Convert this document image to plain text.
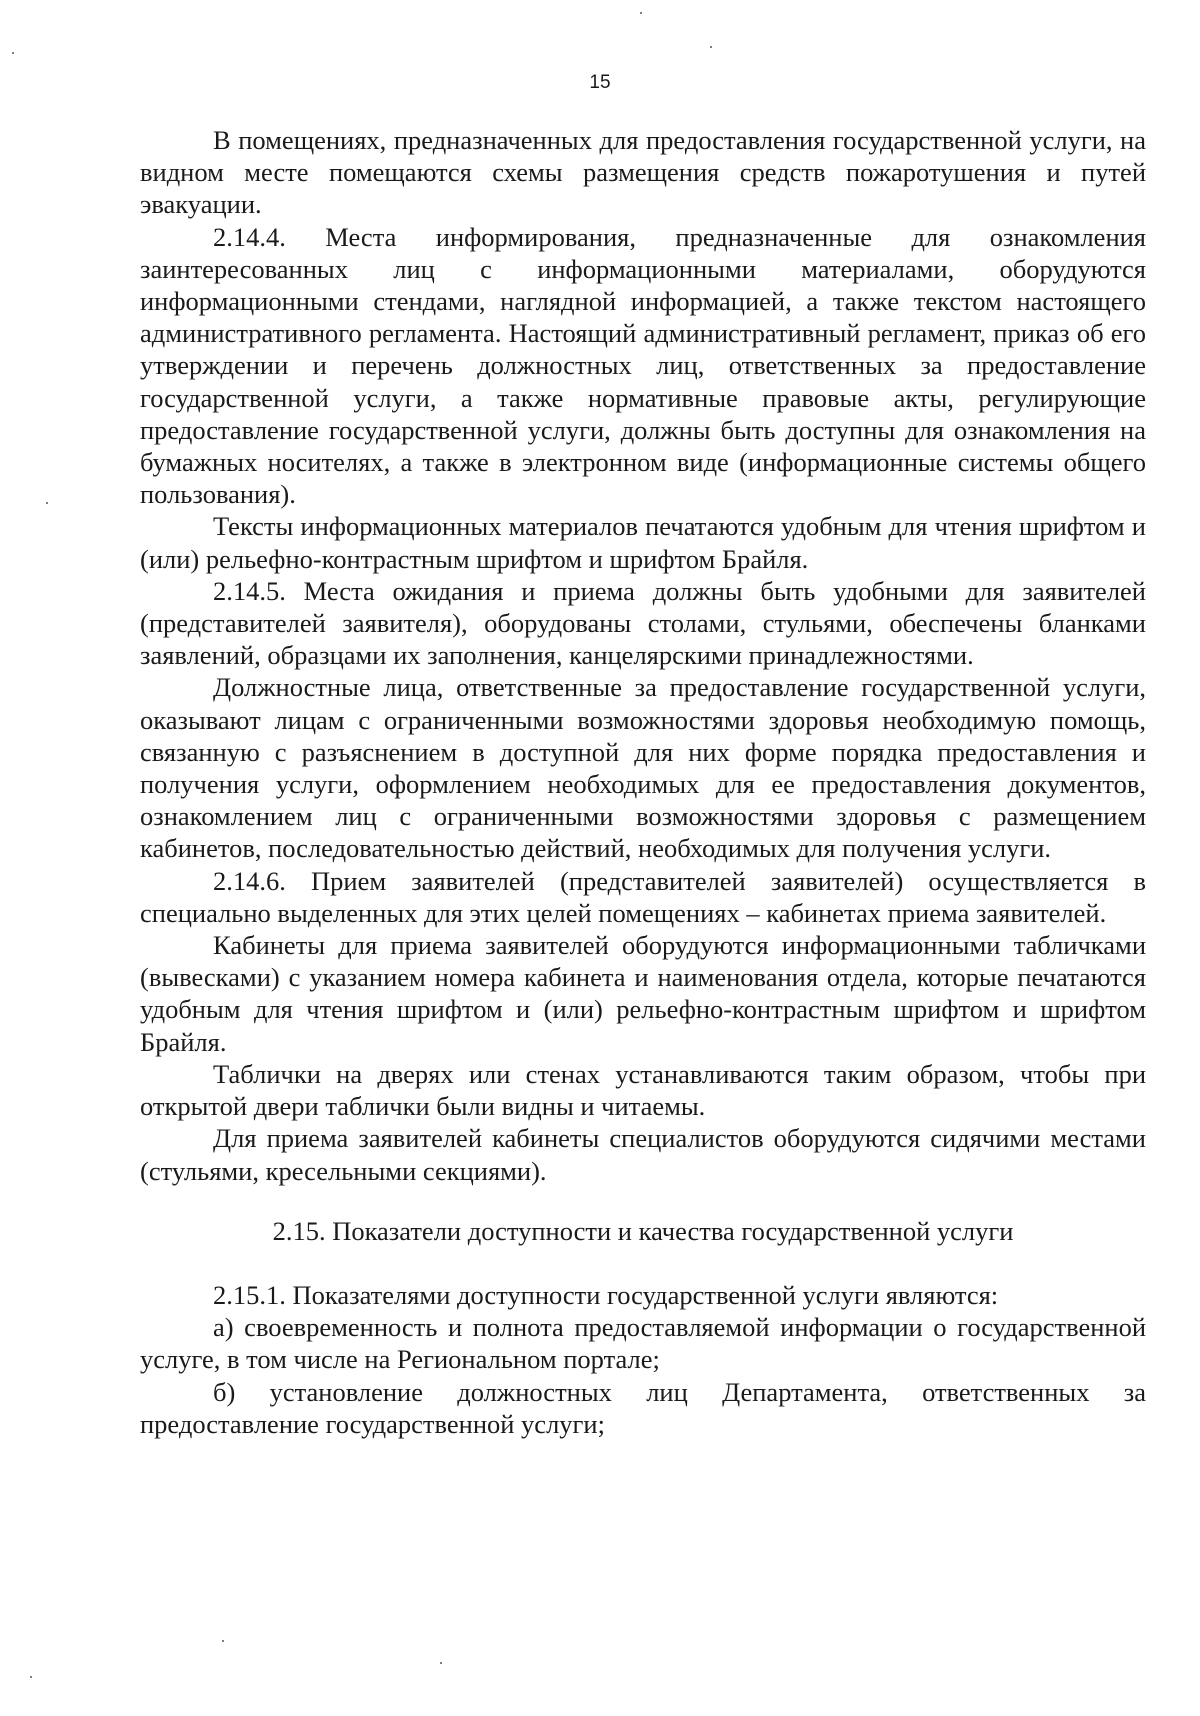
15

В помещениях, предназначенных для предоставления государственной услуги, на видном месте помещаются схемы размещения средств пожаротушения и путей эвакуации.

2.14.4. Места информирования, предназначенные для ознакомления заинтересованных лиц с информационными материалами, оборудуются информационными стендами, наглядной информацией, а также текстом настоящего административного регламента. Настоящий административный регламент, приказ об его утверждении и перечень должностных лиц, ответственных за предоставление государственной услуги, а также нормативные правовые акты, регулирующие предоставление государственной услуги, должны быть доступны для ознакомления на бумажных носителях, а также в электронном виде (информационные системы общего пользования).

Тексты информационных материалов печатаются удобным для чтения шрифтом и (или) рельефно-контрастным шрифтом и шрифтом Брайля.

2.14.5. Места ожидания и приема должны быть удобными для заявителей (представителей заявителя), оборудованы столами, стульями, обеспечены бланками заявлений, образцами их заполнения, канцелярскими принадлежностями.

Должностные лица, ответственные за предоставление государственной услуги, оказывают лицам с ограниченными возможностями здоровья необходимую помощь, связанную с разъяснением в доступной для них форме порядка предоставления и получения услуги, оформлением необходимых для ее предоставления документов, ознакомлением лиц с ограниченными возможностями здоровья с размещением кабинетов, последовательностью действий, необходимых для получения услуги.

2.14.6. Прием заявителей (представителей заявителей) осуществляется в специально выделенных для этих целей помещениях – кабинетах приема заявителей.

Кабинеты для приема заявителей оборудуются информационными табличками (вывесками) с указанием номера кабинета и наименования отдела, которые печатаются удобным для чтения шрифтом и (или) рельефно-контрастным шрифтом и шрифтом Брайля.

Таблички на дверях или стенах устанавливаются таким образом, чтобы при открытой двери таблички были видны и читаемы.

Для приема заявителей кабинеты специалистов оборудуются сидячими местами (стульями, кресельными секциями).

2.15. Показатели доступности и качества государственной услуги

2.15.1. Показателями доступности государственной услуги являются:

а) своевременность и полнота предоставляемой информации о государственной услуге, в том числе на Региональном портале;

б) установление должностных лиц Департамента, ответственных за предоставление государственной услуги;
